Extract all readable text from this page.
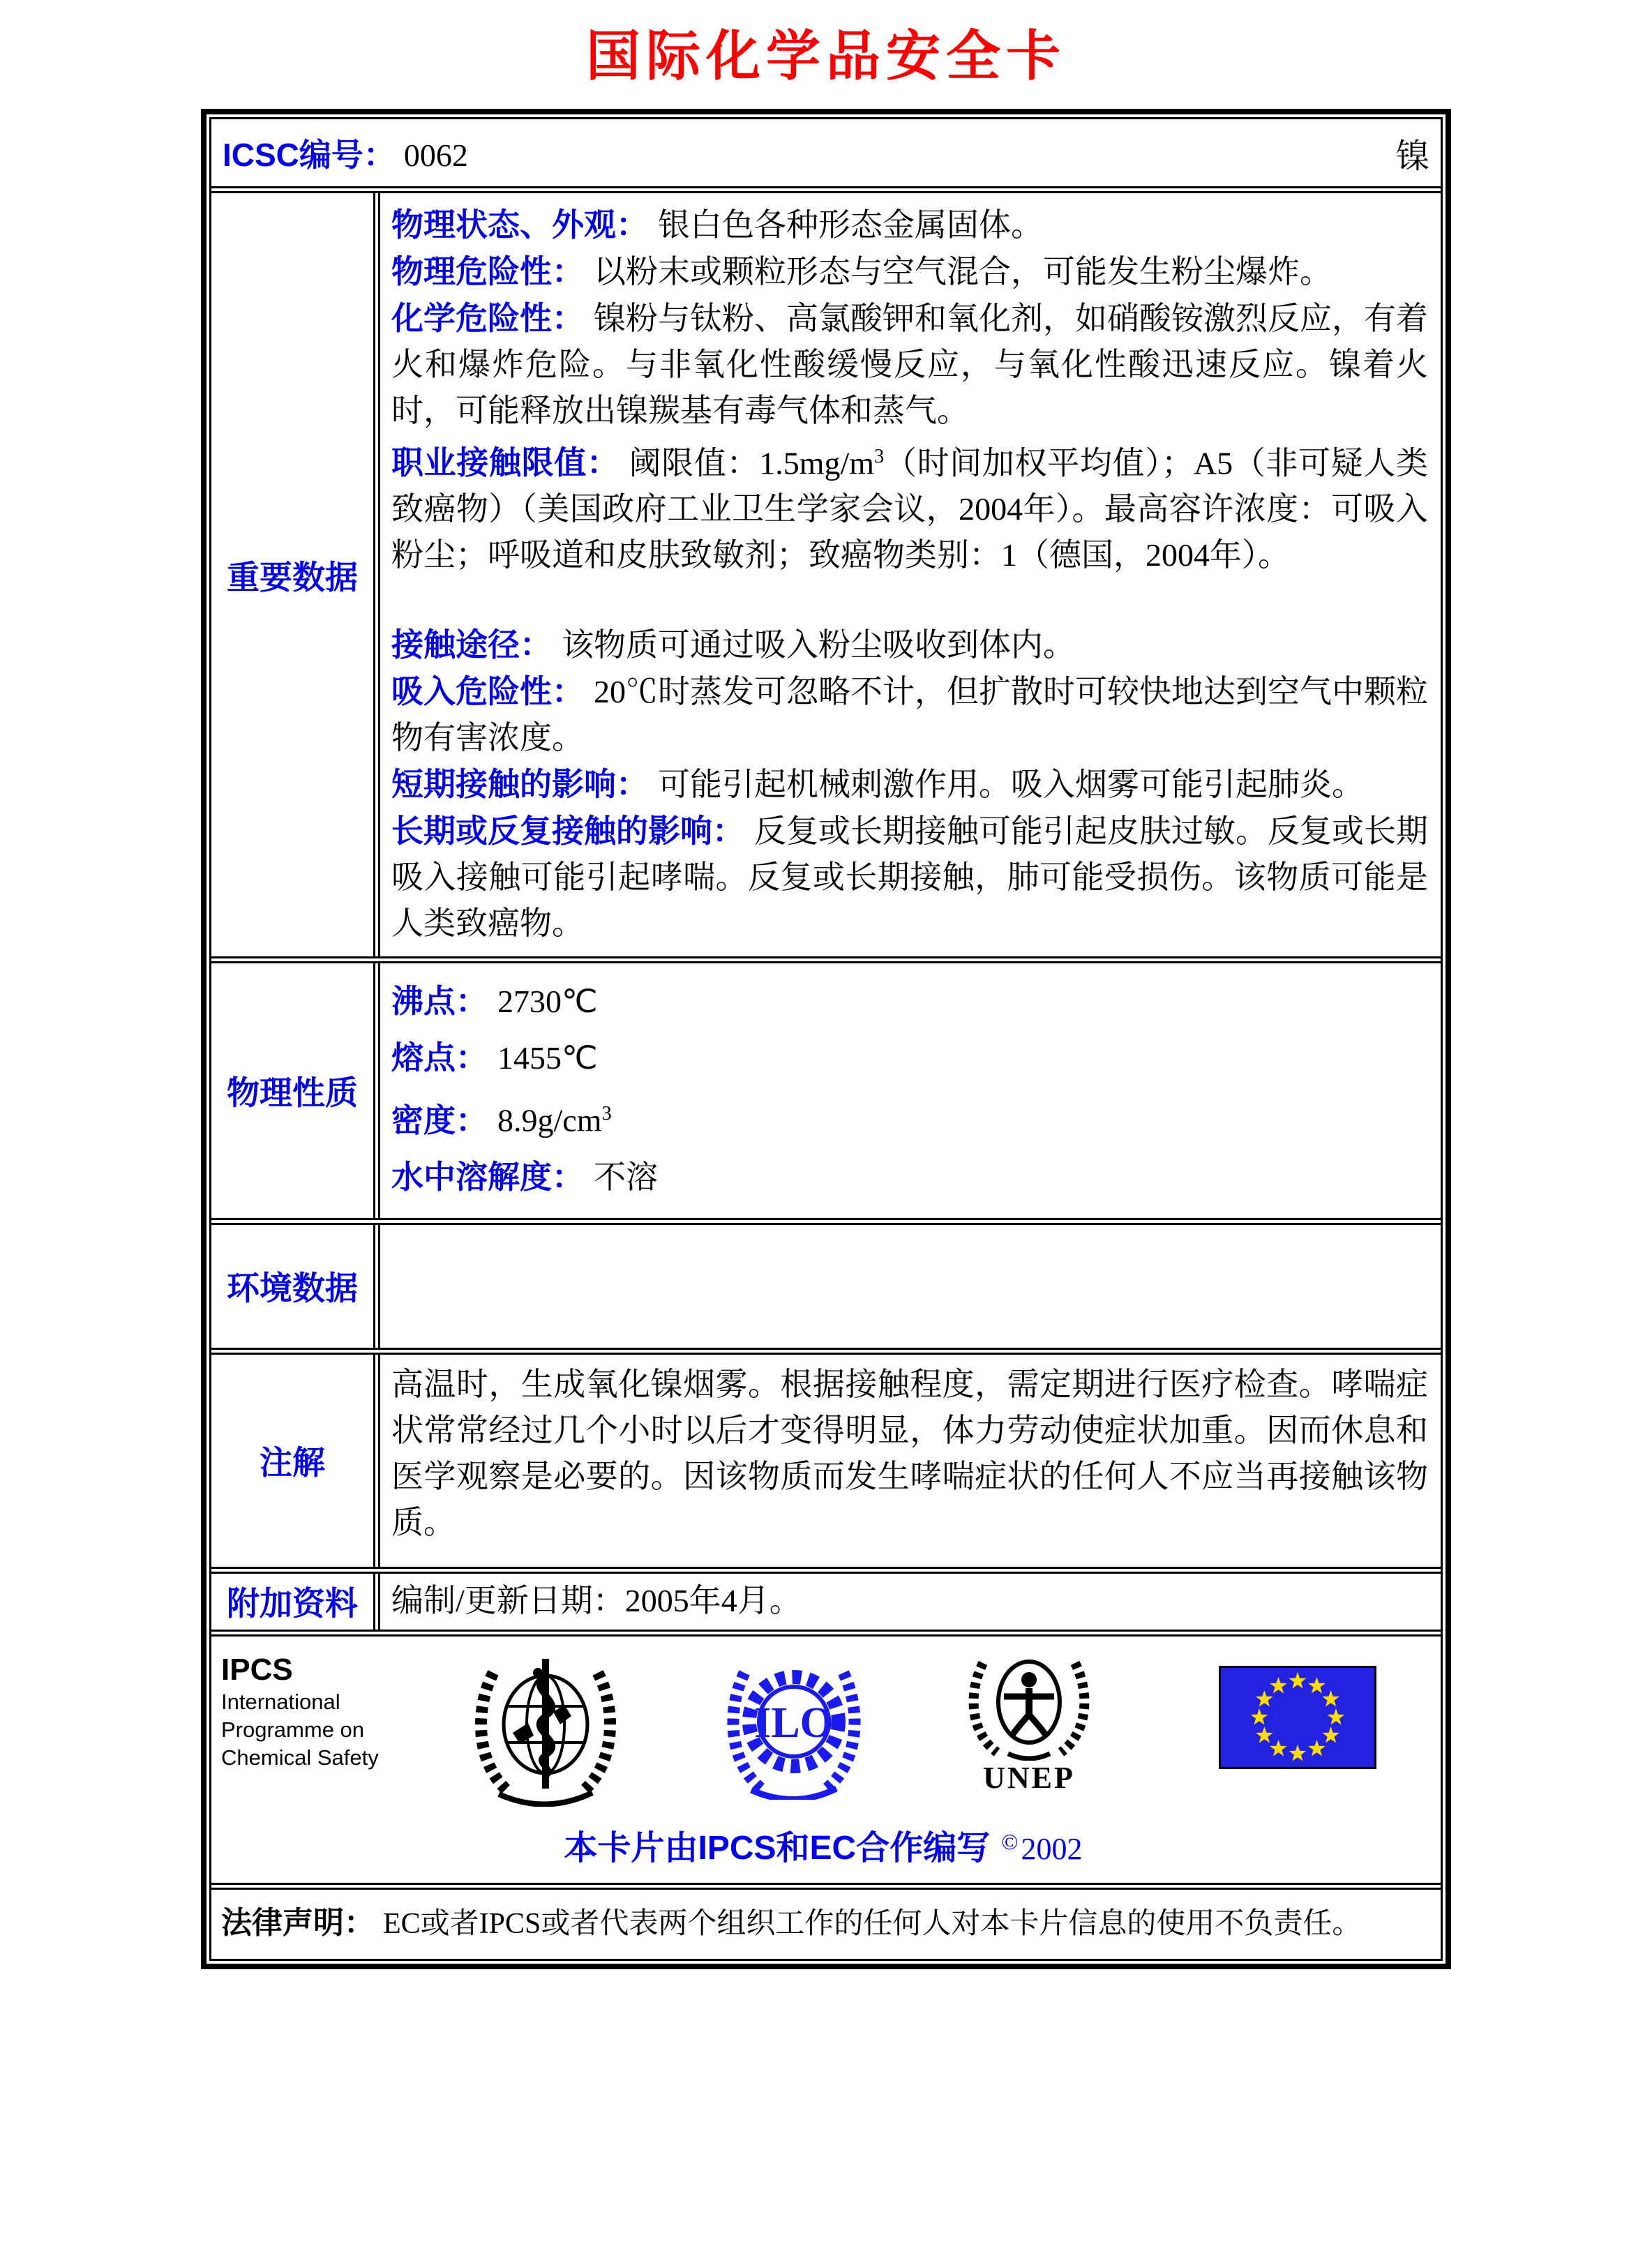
国际化学品安全卡
ICSC编号： 0062	镍
重要数据

物理状态、外观： 银白色各种形态金属固体。

物理危险性： 以粉末或颗粒形态与空气混合，可能发生粉尘爆炸。

化学危险性： 镍粉与钛粉、高氯酸钾和氧化剂，如硝酸铵激烈反应，有着火和爆炸危险。与非氧化性酸缓慢反应，与氧化性酸迅速反应。镍着火时，可能释放出镍羰基有毒气体和蒸气。

职业接触限值： 阈限值：$1.5mg/m^3$（时间加权平均值）；A5（非可疑人类致癌物）（美国政府工业卫生学家会议，2004年）。最高容许浓度：可吸入粉尘；呼吸道和皮肤致敏剂；致癌物类别：1（德国，2004年）。

接触途径： 该物质可通过吸入粉尘吸收到体内。

吸入危险性： 20℃时蒸发可忽略不计，但扩散时可较快地达到空气中颗粒物有害浓度。

短期接触的影响： 可能引起机械刺激作用。吸入烟雾可能引起肺炎。

长期或反复接触的影响： 反复或长期接触可能引起皮肤过敏。反复或长期吸入接触可能引起哮喘。反复或长期接触，肺可能受损伤。该物质可能是人类致癌物。

物理性质

沸点： 2730℃

熔点： 1455℃

密度： $8.9g/cm^3$

水中溶解度： 不溶

环境数据
注解

高温时，生成氧化镍烟雾。根据接触程度，需定期进行医疗检查。哮喘症状常常经过几个小时以后才变得明显，体力劳动使症状加重。因而休息和医学观察是必要的。因该物质而发生哮喘症状的任何人不应当再接触该物质。

附加资料	编制/更新日期：2005年4月。
IPCS
International
Programme on
Chemical Safety
ILO
UNEP
本卡片由IPCS和EC合作编写 ©2002
法律声明： EC或者IPCS或者代表两个组织工作的任何人对本卡片信息的使用不负责任。
